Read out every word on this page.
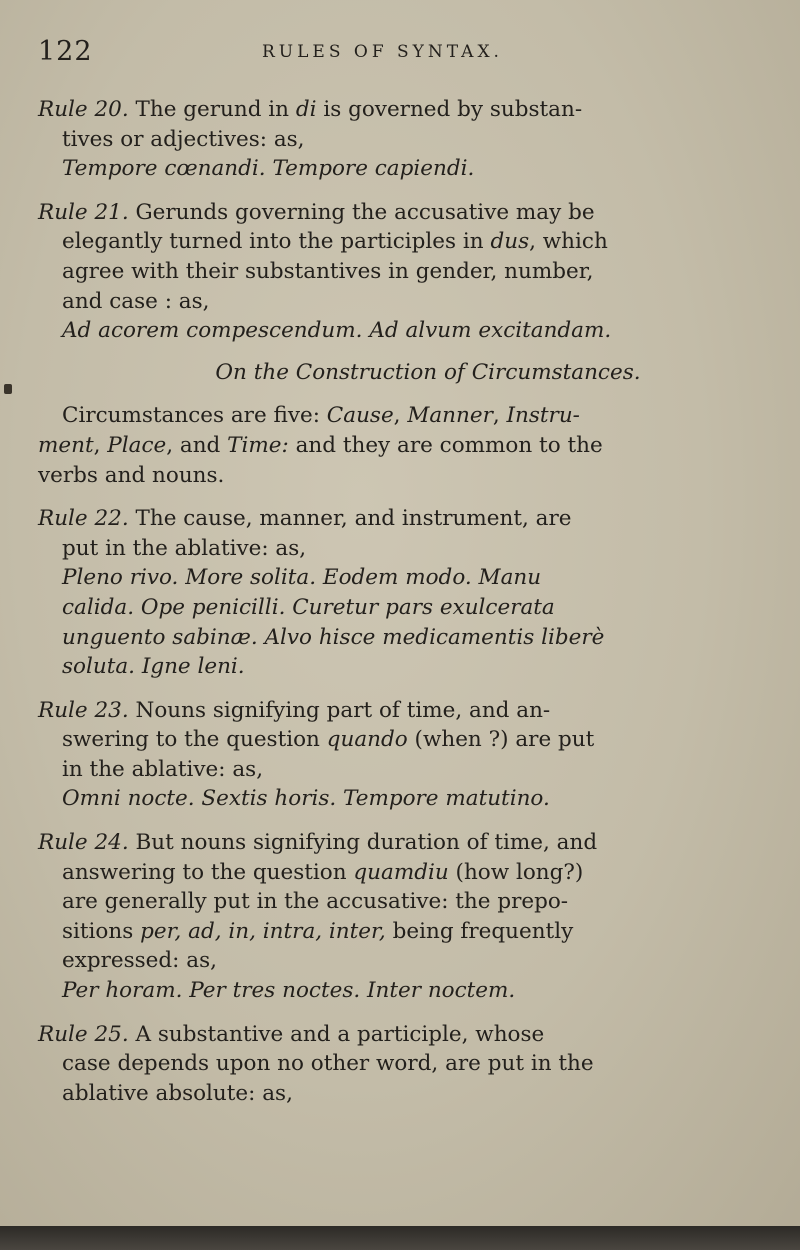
122	RULES OF SYNTAX.
Rule 20. The gerund in di is governed by substan-
tives or adjectives: as,
Tempore cœnandi. Tempore capiendi.
Rule 21. Gerunds governing the accusative may be
elegantly turned into the participles in dus, which
agree with their substantives in gender, number,
and case : as,
Ad acorem compescendum. Ad alvum excitandam.
On the Construction of Circumstances.
Circumstances are five: Cause, Manner, Instru-
ment, Place, and Time: and they are common to the
verbs and nouns.
Rule 22. The cause, manner, and instrument, are
put in the ablative: as,
Pleno rivo. More solita. Eodem modo. Manu
calida. Ope penicilli. Curetur pars exulcerata
unguento sabinæ. Alvo hisce medicamentis liberè
soluta. Igne leni.
Rule 23. Nouns signifying part of time, and an-
swering to the question quando (when ?) are put
in the ablative: as,
Omni nocte. Sextis horis. Tempore matutino.
Rule 24. But nouns signifying duration of time, and
answering to the question quamdiu (how long?)
are generally put in the accusative: the prepo-
sitions per, ad, in, intra, inter, being frequently
expressed: as,
Per horam. Per tres noctes. Inter noctem.
Rule 25. A substantive and a participle, whose
case depends upon no other word, are put in the
ablative absolute: as,
